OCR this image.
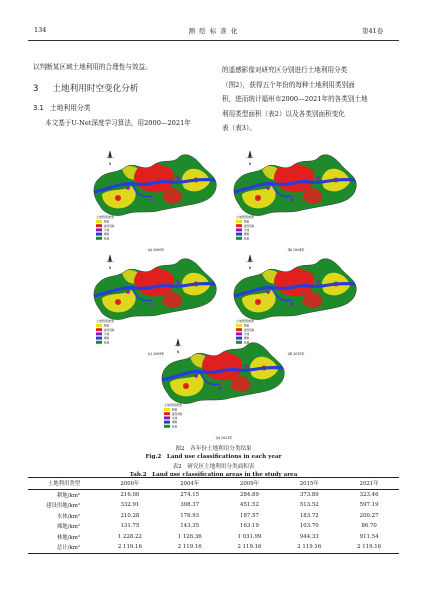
134	测 绘 标 准 化	第41卷
以判断某区域土地利用的合理性与效益。
3 土地利用时空变化分析
3.1 土地利用分类
本文基于U-Net深度学习算法，用2000—2021年
的遥感影像对研究区分别进行土地利用分类
（图2），获得五个年份的每种土地利用类别面
积，进而统计福州市2000—2021年的各类别土地
利用类型面积（表2）以及各类别面积变化
表（表3）。
N
土地利用类型
耕地
建设用地
水体
裸地
林地
(a) 2000年
N
土地利用类型
耕地
建设用地
水体
裸地
林地
(b) 2004年
N
土地利用类型
耕地
建设用地
水体
裸地
林地
(c) 2009年
N
土地利用类型
耕地
建设用地
水体
裸地
林地
(d) 2015年
N
土地利用类型
耕地
建设用地
水体
裸地
林地
(e) 2021年
图2　各年份土地利用分类结果
Fig.2　Land use classifications in each year
表2　研究区土地利用分类面积表
Tab.2　Land use classification areas in the study area
土地利用类型	2000年	2004年	2009年	2015年	2021年
耕地/km²	216.00	274.15	284.89	373.89	323.46
建设用地/km²	332.91	398.37	451.52	513.52	597.19
水体/km²	210.28	176.93	187.57	183.72	200.27
裸地/km²	131.75	143.35	163.19	103.70	86.70
林地/km²	1 228.22	1 126.36	1 031.99	944.33	911.54
总计/km²	2 119.16	2 119.16	2 119.16	2 119.16	2 119.16
